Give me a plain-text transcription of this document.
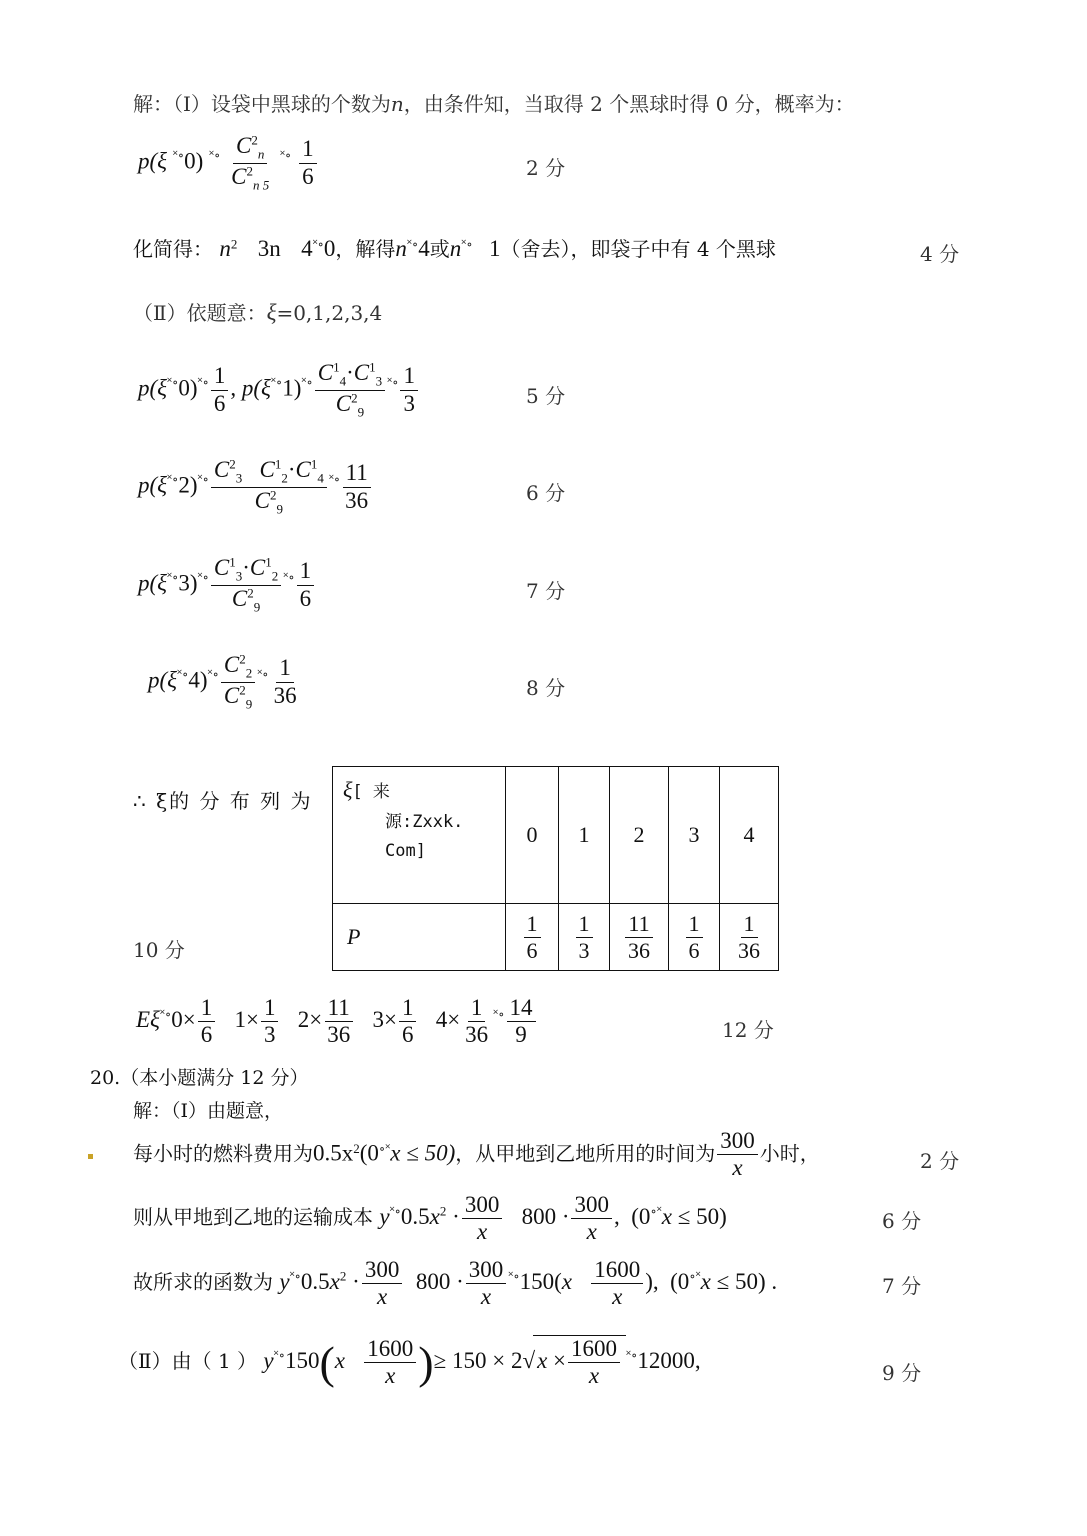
解：（Ⅰ）设袋中黑球的个数为n，由条件知，当取得 2 个黑球时得 0 分，概率为：
p(ξ ˟∘0) $^{˟\circ} \frac{C^2_n}{C^2_{n 5}} ^{˟\circ} \frac{1}{6}$	2 分
化简得： $n^2$ 3n 4˟∘0，解得n˟∘4或n˟∘ 1（舍去），即袋子中有 4 个黑球	4 分
（Ⅱ）依题意：ξ=0,1,2,3,4
$p(\xi^{˟\circ}0)^{˟\circ} \frac{1}{6}$ , $p(\xi^{˟\circ}1)^{˟\circ} \frac{C^1_4\cdot C^1_3}{C^2_9} ^{˟\circ} \frac{1}{3}$	5 分
$p(\xi^{˟\circ}2)^{˟\circ} \frac{C^2_3 C^1_2\cdot C^1_4}{C^2_9} ^{˟\circ} \frac{11}{36}$	6 分
$p(\xi^{˟\circ}3)^{˟\circ} \frac{C^1_3\cdot C^1_2}{C^2_9} ^{˟\circ} \frac{1}{6}$	7 分
$p(\xi^{˟\circ}4)^{˟\circ} \frac{C^2_2}{C^2_9} ^{˟\circ} \frac{1}{36}$	8 分
∴ ξ的 分 布 列 为
10 分
ξ[ 来
源:Zxxk.
Com]	0	1	2	3	4
P	$\frac{1}{6}$	$\frac{1}{3}$	$\frac{11}{36}$	$\frac{1}{6}$	$\frac{1}{36}$
$E\xi^{˟\circ}0\times \frac{1}{6} 1\times \frac{1}{3} 2\times \frac{11}{36} 3\times \frac{1}{6} 4\times \frac{1}{36} ^{˟\circ} \frac{14}{9}$	12 分
20.（本小题满分 12 分）
解：（Ⅰ）由题意，
每小时的燃料费用为$0.5x^2(0^{\circ˟}x \le 50)$，从甲地到乙地所用的时间为 $\frac{300}{x}$ 小时，	2 分
则从甲地到乙地的运输成本 $y^{˟\circ}0.5x^2 \cdot \frac{300}{x} 800 \cdot \frac{300}{x}$ ,  (0∘˟x ≤ 50)	6 分
故所求的函数为 $y^{˟\circ}0.5x^2 \cdot \frac{300}{x} 800 \cdot \frac{300}{x} ^{˟\circ}150(x \frac{1600}{x}$ ),  (0∘˟x ≤ 50) .	7 分
（Ⅱ）由（ 1 ） $y^{˟\circ}150(x \frac{1600}{x}$ )≥ $150 \times 2√x \times \frac{1600}{x} ^{˟\circ}12000$,	9 分
